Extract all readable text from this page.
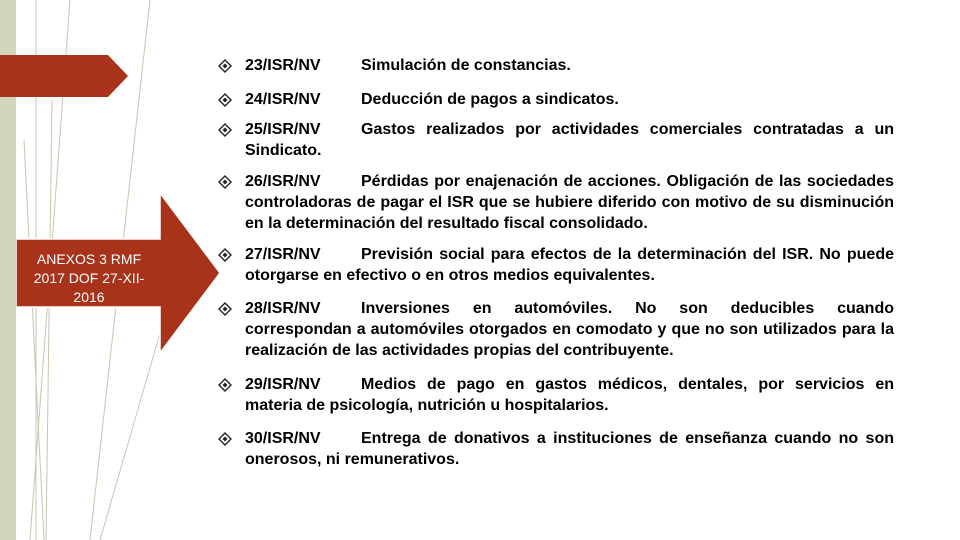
ANEXOS 3 RMF 2017 DOF 27-XII-2016
23/ISR/NV	Simulación de constancias.
24/ISR/NV	Deducción de pagos a sindicatos.
25/ISR/NV	Gastos realizados por actividades comerciales contratadas a un Sindicato.
26/ISR/NV	Pérdidas por enajenación de acciones. Obligación de las sociedades controladoras de pagar el ISR que se hubiere diferido con motivo de su disminución en la determinación del resultado fiscal consolidado.
27/ISR/NV	Previsión social para efectos de la determinación del ISR. No puede otorgarse en efectivo o en otros medios equivalentes.
28/ISR/NV	Inversiones en automóviles. No son deducibles cuando correspondan a automóviles otorgados en comodato y que no son utilizados para la realización de las actividades propias del contribuyente.
29/ISR/NV	Medios de pago en gastos médicos, dentales, por servicios en materia de psicología, nutrición u hospitalarios.
30/ISR/NV	Entrega de donativos a instituciones de enseñanza cuando no son onerosos, ni remunerativos.
